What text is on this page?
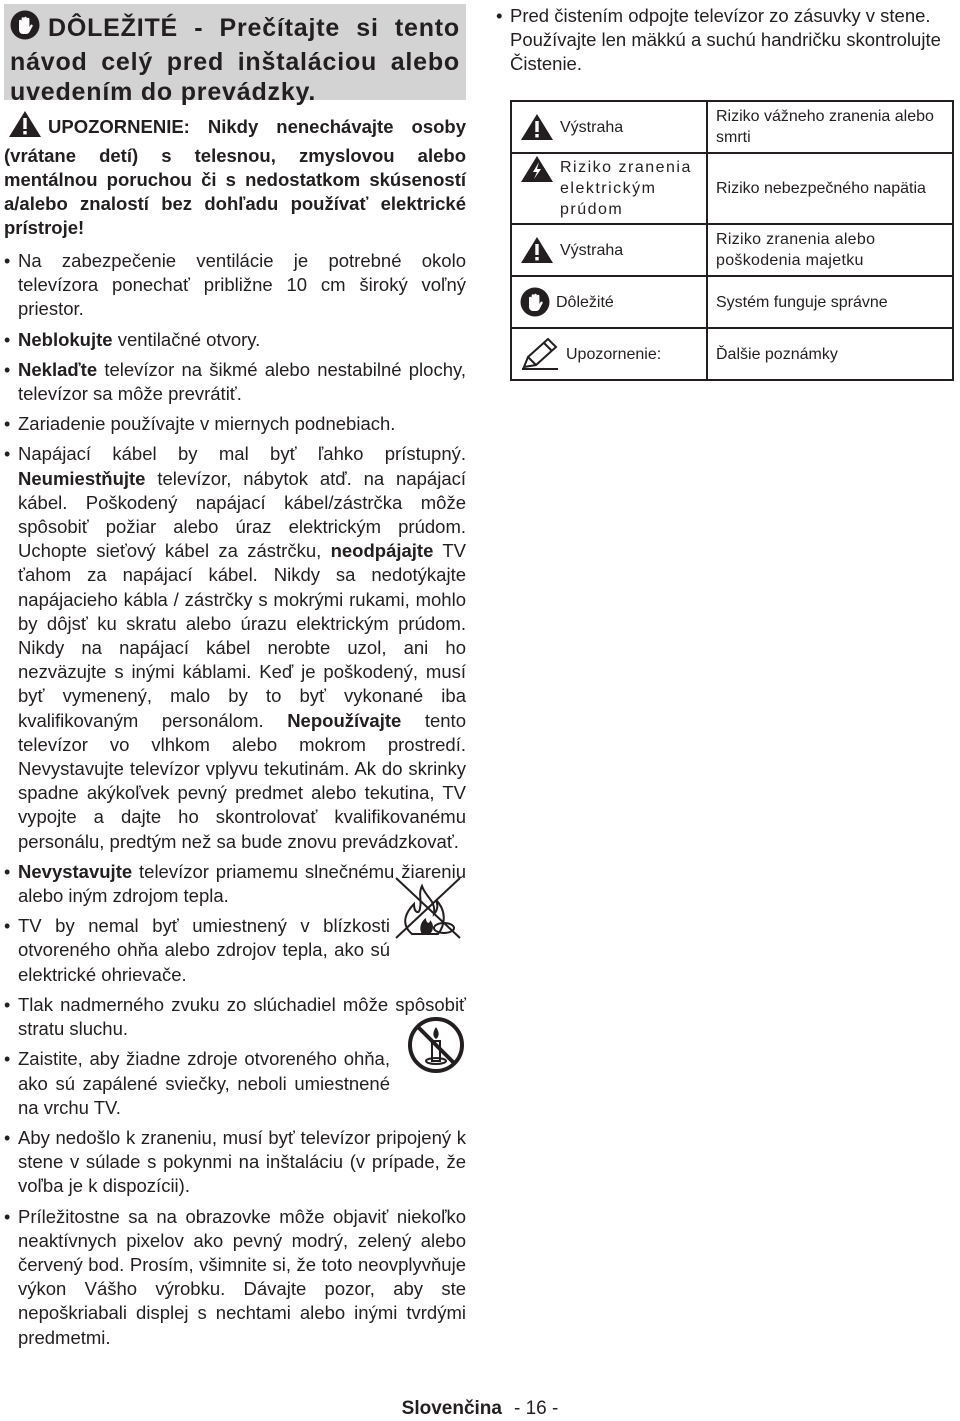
DÔLEŽITÉ - Prečítajte si tento návod celý pred inštaláciou alebo uvedením do prevádzky.
UPOZORNENIE: Nikdy nenechávajte osoby (vrátane detí) s telesnou, zmyslovou alebo mentálnou poruchou či s nedostatkom skúseností a/alebo znalostí bez dohľadu používať elektrické prístroje!
• Na zabezpečenie ventilácie je potrebné okolo televízora ponechať približne 10 cm široký voľný priestor.
• Neblokujte ventilačné otvory.
• Neklaďte televízor na šikmé alebo nestabilné plochy, televízor sa môže prevrátiť.
• Zariadenie používajte v miernych podnebiach.
• Napájací kábel by mal byť ľahko prístupný. Neumiestňujte televízor, nábytok atď. na napájací kábel. Poškodený napájací kábel/zástrčka môže spôsobiť požiar alebo úraz elektrickým prúdom. Uchopte sieťový kábel za zástrčku, neodpájajte TV ťahom za napájací kábel. Nikdy sa nedotýkajte napájacieho kábla / zástrčky s mokrými rukami, mohlo by dôjsť ku skratu alebo úrazu elektrickým prúdom. Nikdy na napájací kábel nerobte uzol, ani ho nezväzujte s inými káblami. Keď je poškodený, musí byť vymenený, malo by to byť vykonané iba kvalifikovaným personálom. Nepoužívajte tento televízor vo vlhkom alebo mokrom prostredí. Nevystavujte televízor vplyvu tekutinám. Ak do skrinky spadne akýkoľvek pevný predmet alebo tekutina, TV vypojte a dajte ho skontrolovať kvalifikovanému personálu, predtým než sa bude znovu prevádzkovať.
• Nevystavujte televízor priamemu slnečnému žiareniu alebo iným zdrojom tepla.
• TV by nemal byť umiestnený v blízkosti otvoreného ohňa alebo zdrojov tepla, ako sú elektrické ohrievače.
• Tlak nadmerného zvuku zo slúchadiel môže spôsobiť stratu sluchu.
• Zaistite, aby žiadne zdroje otvoreného ohňa, ako sú zapálené sviečky, neboli umiestnené na vrchu TV.
• Aby nedošlo k zraneniu, musí byť televízor pripojený k stene v súlade s pokynmi na inštaláciu (v prípade, že voľba je k dispozícii).
• Príležitostne sa na obrazovke môže objaviť niekoľko neaktívnych pixelov ako pevný modrý, zelený alebo červený bod. Prosím, všimnite si, že toto neovplyvňuje výkon Vášho výrobku. Dávajte pozor, aby ste nepoškriabali displej s nechtami alebo inými tvrdými predmetmi.
• Pred čistením odpojte televízor zo zásuvky v stene. Používajte len mäkkú a suchú handričku skontrolujte Čistenie.
Výstraha	Riziko vážneho zranenia alebo smrti

Riziko zranenia elektrickým prúdom	Riziko nebezpečného napätia

Výstraha	Riziko zranenia alebo poškodenia majetku

Dôležité	Systém funguje správne

Upozornenie:	Ďalšie poznámky
Slovenčina - 16 -
